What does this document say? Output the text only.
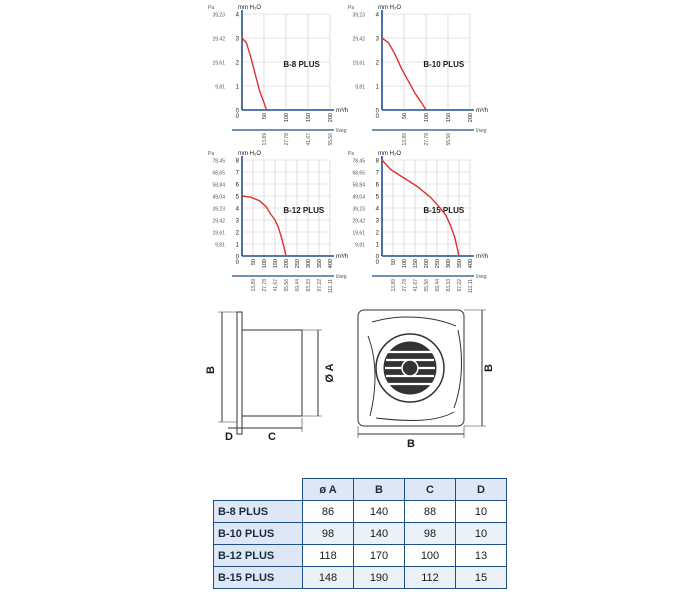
0
1
2
3
4
9,81
19,61
29,42
39,23
50	100	150	200
13,89	27,78	41,67	55,56
0
mm H₂O
Pa
m³/h
l/seg
B-8 PLUS
0
1
2
3
4
9,81
19,61
29,42
39,23
50	100	150	200
13,89	27,78	55,56
0
mm H₂O
Pa
m³/h
l/seg
B-10 PLUS
0
1
2
3
4
5
6
7
8
9,81
19,61
29,42
39,23
49,04
58,84
68,65
78,45
50 100 150 200 250 300 350 400
13,89 27,78 41,67 55,56 69,44 83,33 97,22 111,11
0
mm H₂O
Pa
m³/h
l/seg
B-12 PLUS
0
1
2
3
4
5
6
7
8
9,81
19,61
29,42
39,23
49,04
58,84
68,65
78,45
50 100 150 200 250 300 350 400
13,89 27,78 41,67 55,56 69,44 83,33 97,22 111,11
0
mm H₂O
Pa
m³/h
l/seg
B-15 PLUS
B	Ø A
D	C
B
B
	ø A	B	C	D
B-8 PLUS	86	140	88	10
B-10 PLUS	98	140	98	10
B-12 PLUS	118	170	100	13
B-15 PLUS	148	190	112	15
